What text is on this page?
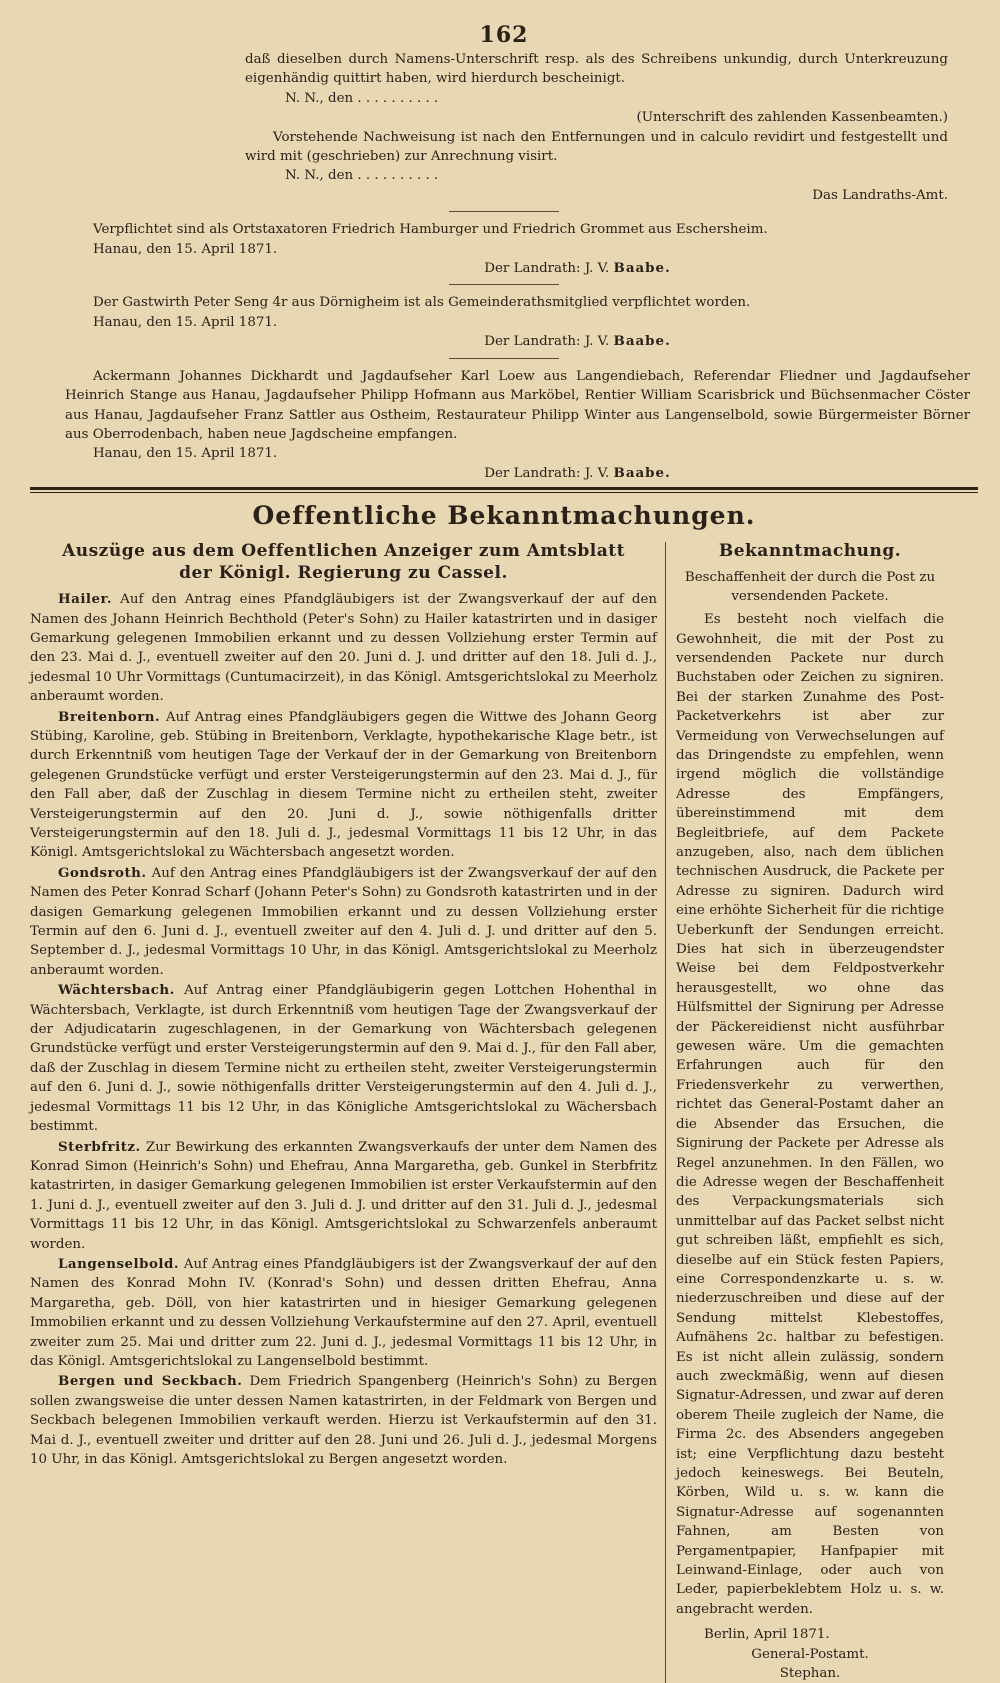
162

daß dieselben durch Namens-Unterschrift resp. als des Schreibens unkundig, durch Unterkreuzung eigenhändig quittirt haben, wird hierdurch bescheinigt.

N. N., den . . . . . . . . . .

(Unterschrift des zahlenden Kassenbeamten.)

Vorstehende Nachweisung ist nach den Entfernungen und in calculo revidirt und festgestellt und wird mit (geschrieben) zur Anrechnung visirt.

N. N., den . . . . . . . . . .

Das Landraths-Amt.

Verpflichtet sind als Ortstaxatoren Friedrich Hamburger und Friedrich Grommet aus Eschersheim.

Hanau, den 15. April 1871.

Der Landrath: J. V. Baabe.

Der Gastwirth Peter Seng 4r aus Dörnigheim ist als Gemeinderathsmitglied verpflichtet worden.

Hanau, den 15. April 1871.

Der Landrath: J. V. Baabe.

Ackermann Johannes Dickhardt und Jagdaufseher Karl Loew aus Langendiebach, Referendar Fliedner und Jagdaufseher Heinrich Stange aus Hanau, Jagdaufseher Philipp Hofmann aus Marköbel, Rentier William Scarisbrick und Büchsenmacher Cöster aus Hanau, Jagdaufseher Franz Sattler aus Ostheim, Restaurateur Philipp Winter aus Langenselbold, sowie Bürgermeister Börner aus Oberrodenbach, haben neue Jagdscheine empfangen.

Hanau, den 15. April 1871.

Der Landrath: J. V. Baabe.

Oeffentliche Bekanntmachungen.
Auszüge aus dem Oeffentlichen Anzeiger zum Amtsblatt
der Königl. Regierung zu Cassel.

Hailer. Auf den Antrag eines Pfandgläubigers ist der Zwangsverkauf der auf den Namen des Johann Heinrich Bechthold (Peter's Sohn) zu Hailer katastrirten und in dasiger Gemarkung gelegenen Immobilien erkannt und zu dessen Vollziehung erster Termin auf den 23. Mai d. J., eventuell zweiter auf den 20. Juni d. J. und dritter auf den 18. Juli d. J., jedesmal 10 Uhr Vormittags (Cuntumacirzeit), in das Königl. Amtsgerichtslokal zu Meerholz anberaumt worden.

Breitenborn. Auf Antrag eines Pfandgläubigers gegen die Wittwe des Johann Georg Stübing, Karoline, geb. Stübing in Breitenborn, Verklagte, hypothekarische Klage betr., ist durch Erkenntniß vom heutigen Tage der Verkauf der in der Gemarkung von Breitenborn gelegenen Grundstücke verfügt und erster Versteigerungstermin auf den 23. Mai d. J., für den Fall aber, daß der Zuschlag in diesem Termine nicht zu ertheilen steht, zweiter Versteigerungstermin auf den 20. Juni d. J., sowie nöthigenfalls dritter Versteigerungstermin auf den 18. Juli d. J., jedesmal Vormittags 11 bis 12 Uhr, in das Königl. Amtsgerichtslokal zu Wächtersbach angesetzt worden.

Gondsroth. Auf den Antrag eines Pfandgläubigers ist der Zwangsverkauf der auf den Namen des Peter Konrad Scharf (Johann Peter's Sohn) zu Gondsroth katastrirten und in der dasigen Gemarkung gelegenen Immobilien erkannt und zu dessen Vollziehung erster Termin auf den 6. Juni d. J., eventuell zweiter auf den 4. Juli d. J. und dritter auf den 5. September d. J., jedesmal Vormittags 10 Uhr, in das Königl. Amtsgerichtslokal zu Meerholz anberaumt worden.

Wächtersbach. Auf Antrag einer Pfandgläubigerin gegen Lottchen Hohenthal in Wächtersbach, Verklagte, ist durch Erkenntniß vom heutigen Tage der Zwangsverkauf der der Adjudicatarin zugeschlagenen, in der Gemarkung von Wächtersbach gelegenen Grundstücke verfügt und erster Versteigerungstermin auf den 9. Mai d. J., für den Fall aber, daß der Zuschlag in diesem Termine nicht zu ertheilen steht, zweiter Versteigerungstermin auf den 6. Juni d. J., sowie nöthigenfalls dritter Versteigerungstermin auf den 4. Juli d. J., jedesmal Vormittags 11 bis 12 Uhr, in das Königliche Amtsgerichtslokal zu Wächersbach bestimmt.

Sterbfritz. Zur Bewirkung des erkannten Zwangsverkaufs der unter dem Namen des Konrad Simon (Heinrich's Sohn) und Ehefrau, Anna Margaretha, geb. Gunkel in Sterbfritz katastrirten, in dasiger Gemarkung gelegenen Immobilien ist erster Verkaufstermin auf den 1. Juni d. J., eventuell zweiter auf den 3. Juli d. J. und dritter auf den 31. Juli d. J., jedesmal Vormittags 11 bis 12 Uhr, in das Königl. Amtsgerichtslokal zu Schwarzenfels anberaumt worden.

Langenselbold. Auf Antrag eines Pfandgläubigers ist der Zwangsverkauf der auf den Namen des Konrad Mohn IV. (Konrad's Sohn) und dessen dritten Ehefrau, Anna Margaretha, geb. Döll, von hier katastrirten und in hiesiger Gemarkung gelegenen Immobilien erkannt und zu dessen Vollziehung Verkaufstermine auf den 27. April, eventuell zweiter zum 25. Mai und dritter zum 22. Juni d. J., jedesmal Vormittags 11 bis 12 Uhr, in das Königl. Amtsgerichtslokal zu Langenselbold bestimmt.

Bergen und Seckbach. Dem Friedrich Spangenberg (Heinrich's Sohn) zu Bergen sollen zwangsweise die unter dessen Namen katastrirten, in der Feldmark von Bergen und Seckbach belegenen Immobilien verkauft werden. Hierzu ist Verkaufstermin auf den 31. Mai d. J., eventuell zweiter und dritter auf den 28. Juni und 26. Juli d. J., jedesmal Morgens 10 Uhr, in das Königl. Amtsgerichtslokal zu Bergen angesetzt worden.

Bekanntmachung.
Beschaffenheit der durch die Post zu versendenden Packete.

Es besteht noch vielfach die Gewohnheit, die mit der Post zu versendenden Packete nur durch Buchstaben oder Zeichen zu signiren. Bei der starken Zunahme des Post-Packetverkehrs ist aber zur Vermeidung von Verwechselungen auf das Dringendste zu empfehlen, wenn irgend möglich die vollständige Adresse des Empfängers, übereinstimmend mit dem Begleitbriefe, auf dem Packete anzugeben, also, nach dem üblichen technischen Ausdruck, die Packete per Adresse zu signiren. Dadurch wird eine erhöhte Sicherheit für die richtige Ueberkunft der Sendungen erreicht. Dies hat sich in überzeugendster Weise bei dem Feldpostverkehr herausgestellt, wo ohne das Hülfsmittel der Signirung per Adresse der Päckereidienst nicht ausführbar gewesen wäre. Um die gemachten Erfahrungen auch für den Friedensverkehr zu verwerthen, richtet das General-Postamt daher an die Absender das Ersuchen, die Signirung der Packete per Adresse als Regel anzunehmen. In den Fällen, wo die Adresse wegen der Beschaffenheit des Verpackungsmaterials sich unmittelbar auf das Packet selbst nicht gut schreiben läßt, empfiehlt es sich, dieselbe auf ein Stück festen Papiers, eine Correspondenzkarte u. s. w. niederzuschreiben und diese auf der Sendung mittelst Klebestoffes, Aufnähens 2c. haltbar zu befestigen. Es ist nicht allein zulässig, sondern auch zweckmäßig, wenn auf diesen Signatur-Adressen, und zwar auf deren oberem Theile zugleich der Name, die Firma 2c. des Absenders angegeben ist; eine Verpflichtung dazu besteht jedoch keineswegs. Bei Beuteln, Körben, Wild u. s. w. kann die Signatur-Adresse auf sogenannten Fahnen, am Besten von Pergamentpapier, Hanfpapier mit Leinwand-Einlage, oder auch von Leder, papierbeklebtem Holz u. s. w. angebracht werden.

Berlin, April 1871.

General-Postamt.

Stephan.
